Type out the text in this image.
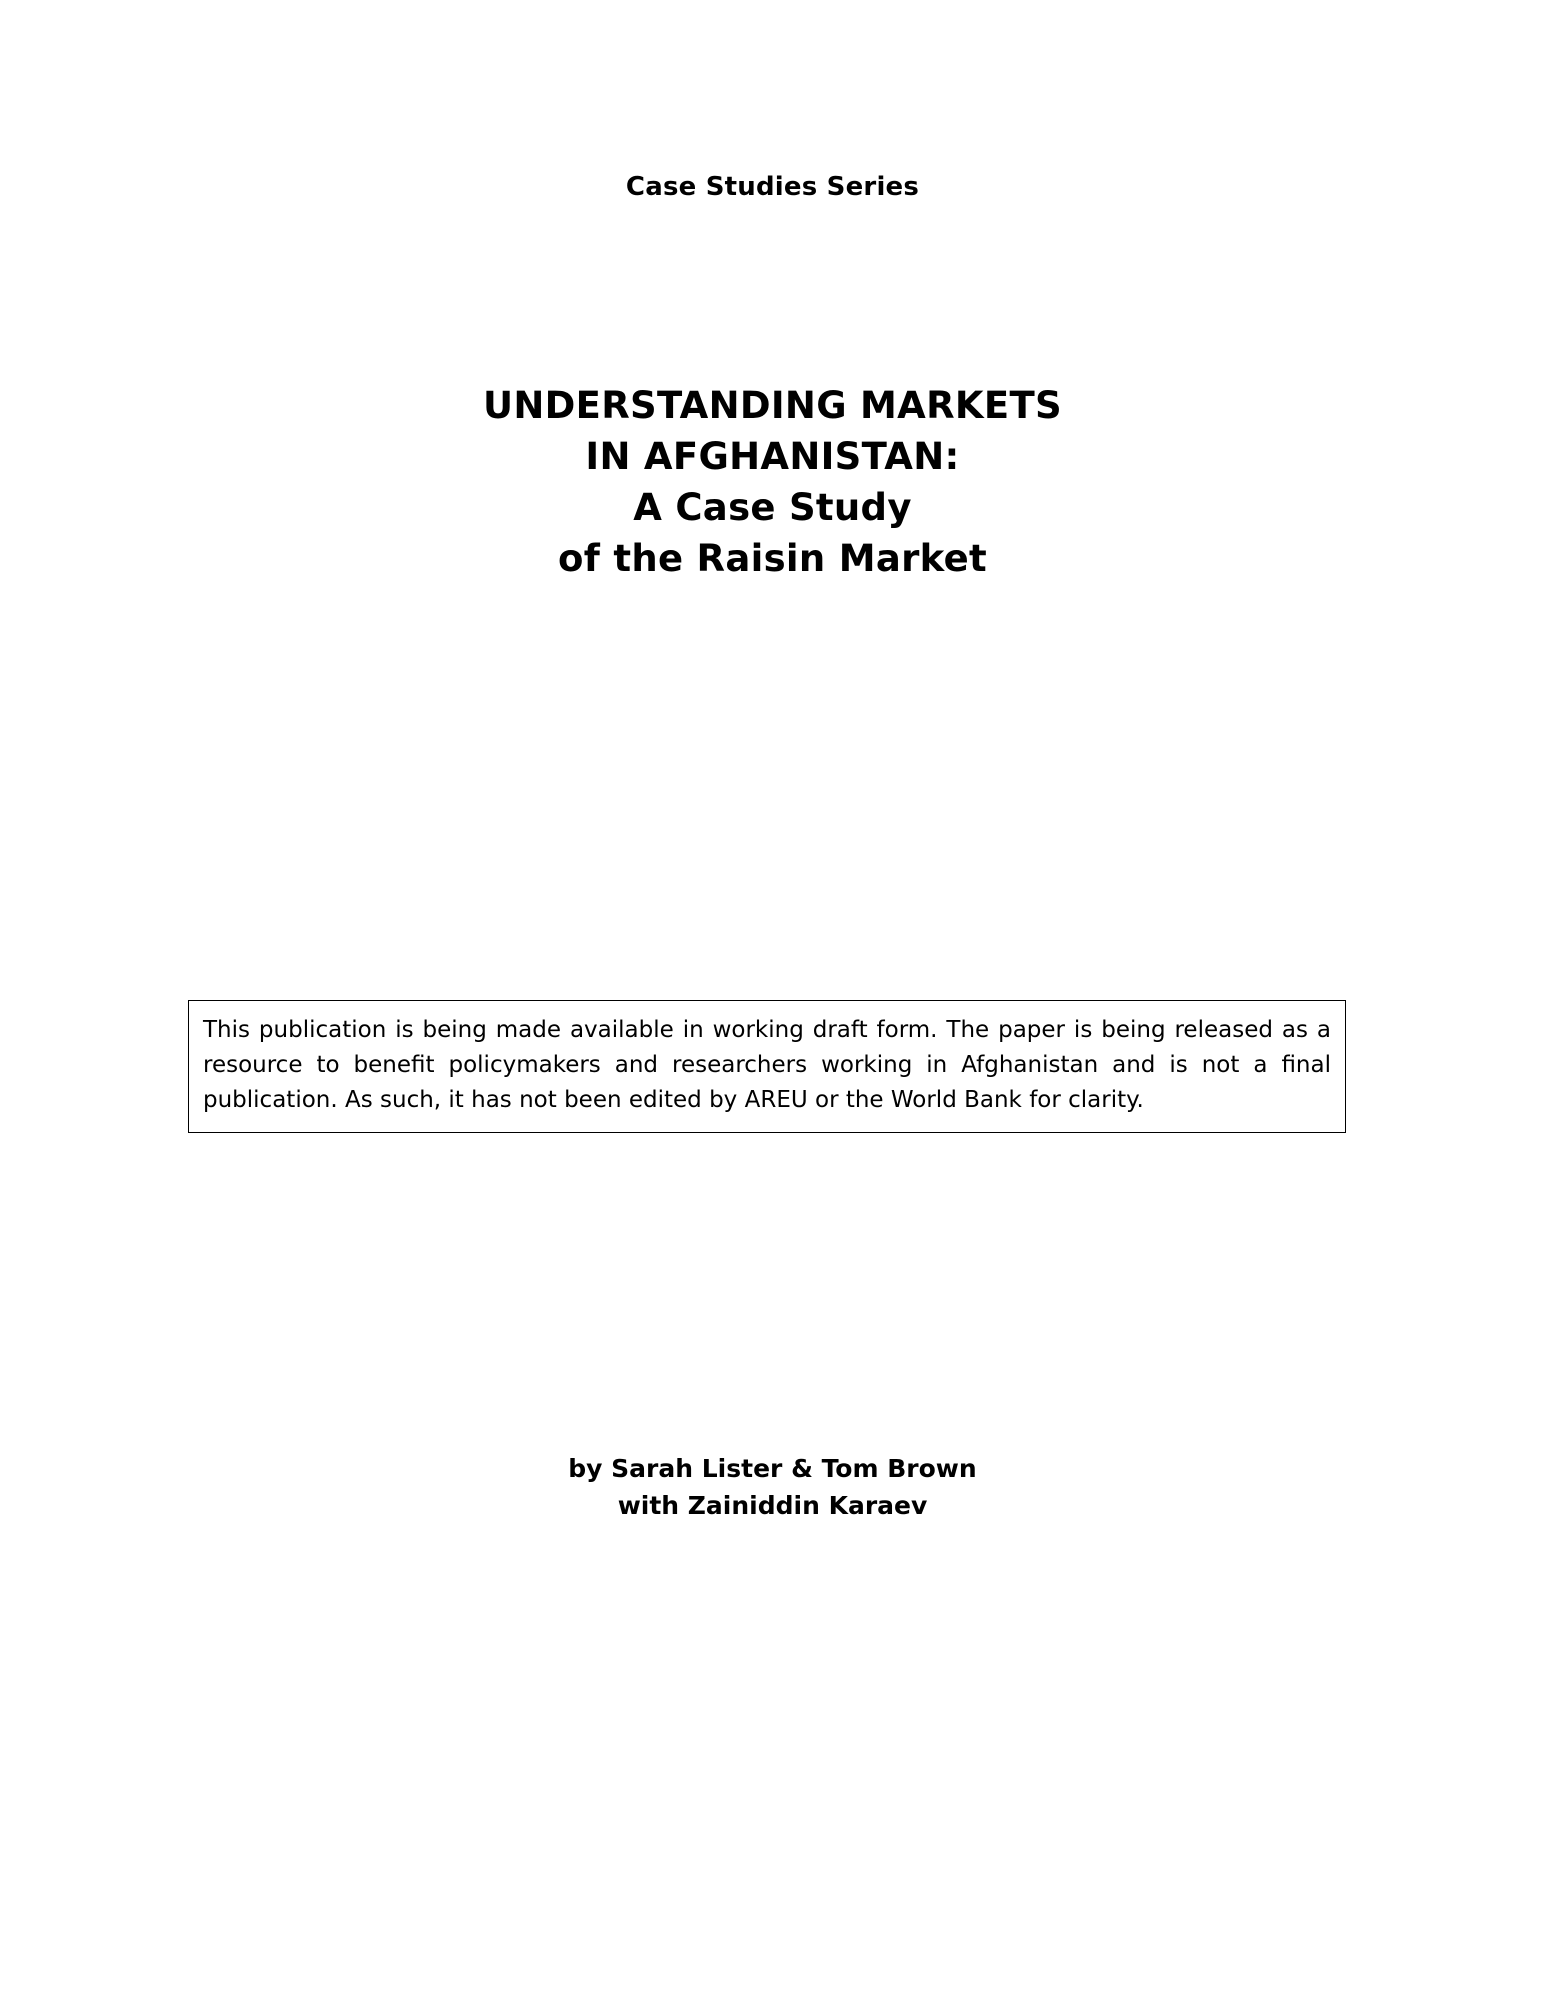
Case Studies Series
UNDERSTANDING MARKETS
IN AFGHANISTAN:
A Case Study
of the Raisin Market

This publication is being made available in working draft form. The paper is being released as a resource to benefit policymakers and researchers working in Afghanistan and is not a final publication. As such, it has not been edited by AREU or the World Bank for clarity.

by Sarah Lister & Tom Brown
with Zainiddin Karaev
